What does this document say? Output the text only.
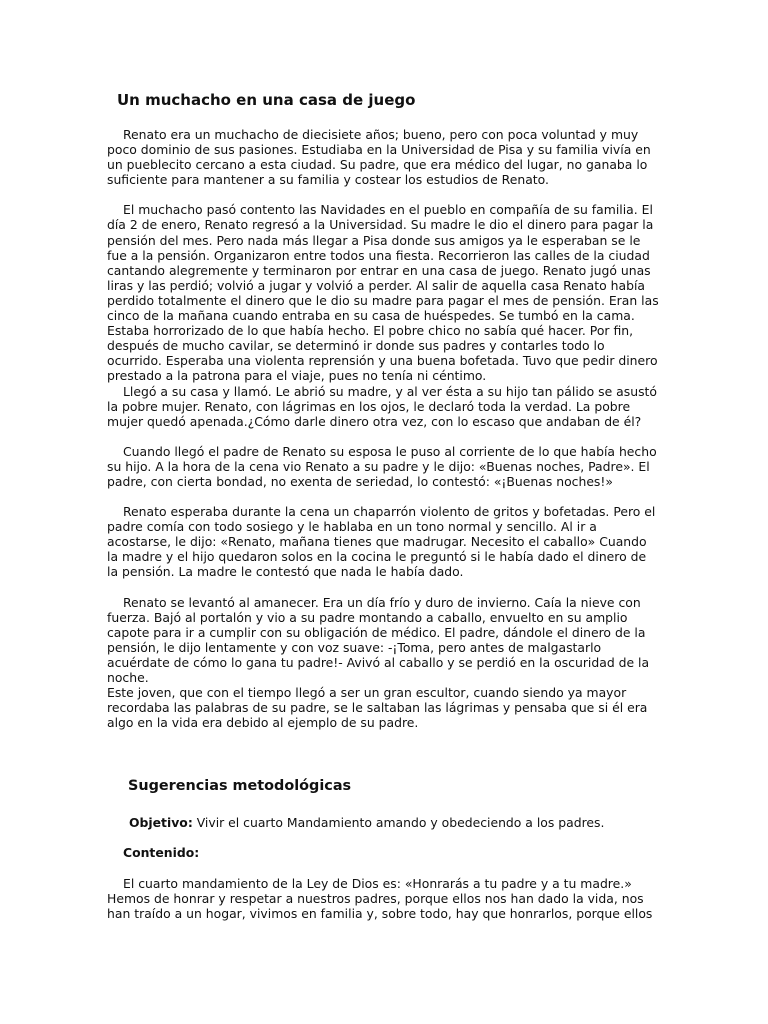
Un muchacho en una casa de juego

Renato era un muchacho de diecisiete años; bueno, pero con poca voluntad y muy poco dominio de sus pasiones. Estudiaba en la Universidad de Pisa y su familia vivía en un pueblecito cercano a esta ciudad. Su padre, que era médico del lugar, no ganaba lo suficiente para mantener a su familia y costear los estudios de Renato.

El muchacho pasó contento las Navidades en el pueblo en compañía de su familia. El día 2 de enero, Renato regresó a la Universidad. Su madre le dio el dinero para pagar la pensión del mes. Pero nada más llegar a Pisa donde sus amigos ya le esperaban se le fue a la pensión. Organizaron entre todos una fiesta. Recorrieron las calles de la ciudad cantando alegremente y terminaron por entrar en una casa de juego. Renato jugó unas liras y las perdió; volvió a jugar y volvió a perder. Al salir de aquella casa Renato había perdido totalmente el dinero que le dio su madre para pagar el mes de pensión. Eran las cinco de la mañana cuando entraba en su casa de huéspedes. Se tumbó en la cama. Estaba horrorizado de lo que había hecho. El pobre chico no sabía qué hacer. Por fin, después de mucho cavilar, se determinó ir donde sus padres y contarles todo lo ocurrido. Esperaba una violenta reprensión y una buena bofetada. Tuvo que pedir dinero prestado a la patrona para el viaje, pues no tenía ni céntimo.

Llegó a su casa y llamó. Le abrió su madre, y al ver ésta a su hijo tan pálido se asustó la pobre mujer. Renato, con lágrimas en los ojos, le declaró toda la verdad. La pobre mujer quedó apenada.¿Cómo darle dinero otra vez, con lo escaso que andaban de él?

Cuando llegó el padre de Renato su esposa le puso al corriente de lo que había hecho su hijo. A la hora de la cena vio Renato a su padre y le dijo: «Buenas noches, Padre». El padre, con cierta bondad, no exenta de seriedad, lo contestó: «¡Buenas noches!»

Renato esperaba durante la cena un chaparrón violento de gritos y bofetadas. Pero el padre comía con todo sosiego y le hablaba en un tono normal y sencillo. Al ir a acostarse, le dijo: «Renato, mañana tienes que madrugar. Necesito el caballo» Cuando la madre y el hijo quedaron solos en la cocina le preguntó si le había dado el dinero de la pensión. La madre le contestó que nada le había dado.

Renato se levantó al amanecer. Era un día frío y duro de invierno. Caía la nieve con fuerza. Bajó al portalón y vio a su padre montando a caballo, envuelto en su amplio capote para ir a cumplir con su obligación de médico. El padre, dándole el dinero de la pensión, le dijo lentamente y con voz suave: -¡Toma, pero antes de malgastarlo acuérdate de cómo lo gana tu padre!- Avivó al caballo y se perdió en la oscuridad de la noche.

Este joven, que con el tiempo llegó a ser un gran escultor, cuando siendo ya mayor recordaba las palabras de su padre, se le saltaban las lágrimas y pensaba que si él era algo en la vida era debido al ejemplo de su padre.

Sugerencias metodológicas
Objetivo: Vivir el cuarto Mandamiento amando y obedeciendo a los padres.
Contenido:

El cuarto mandamiento de la Ley de Dios es: «Honrarás a tu padre y a tu madre.» Hemos de honrar y respetar a nuestros padres, porque ellos nos han dado la vida, nos han traído a un hogar, vivimos en familia y, sobre todo, hay que honrarlos, porque ellos
